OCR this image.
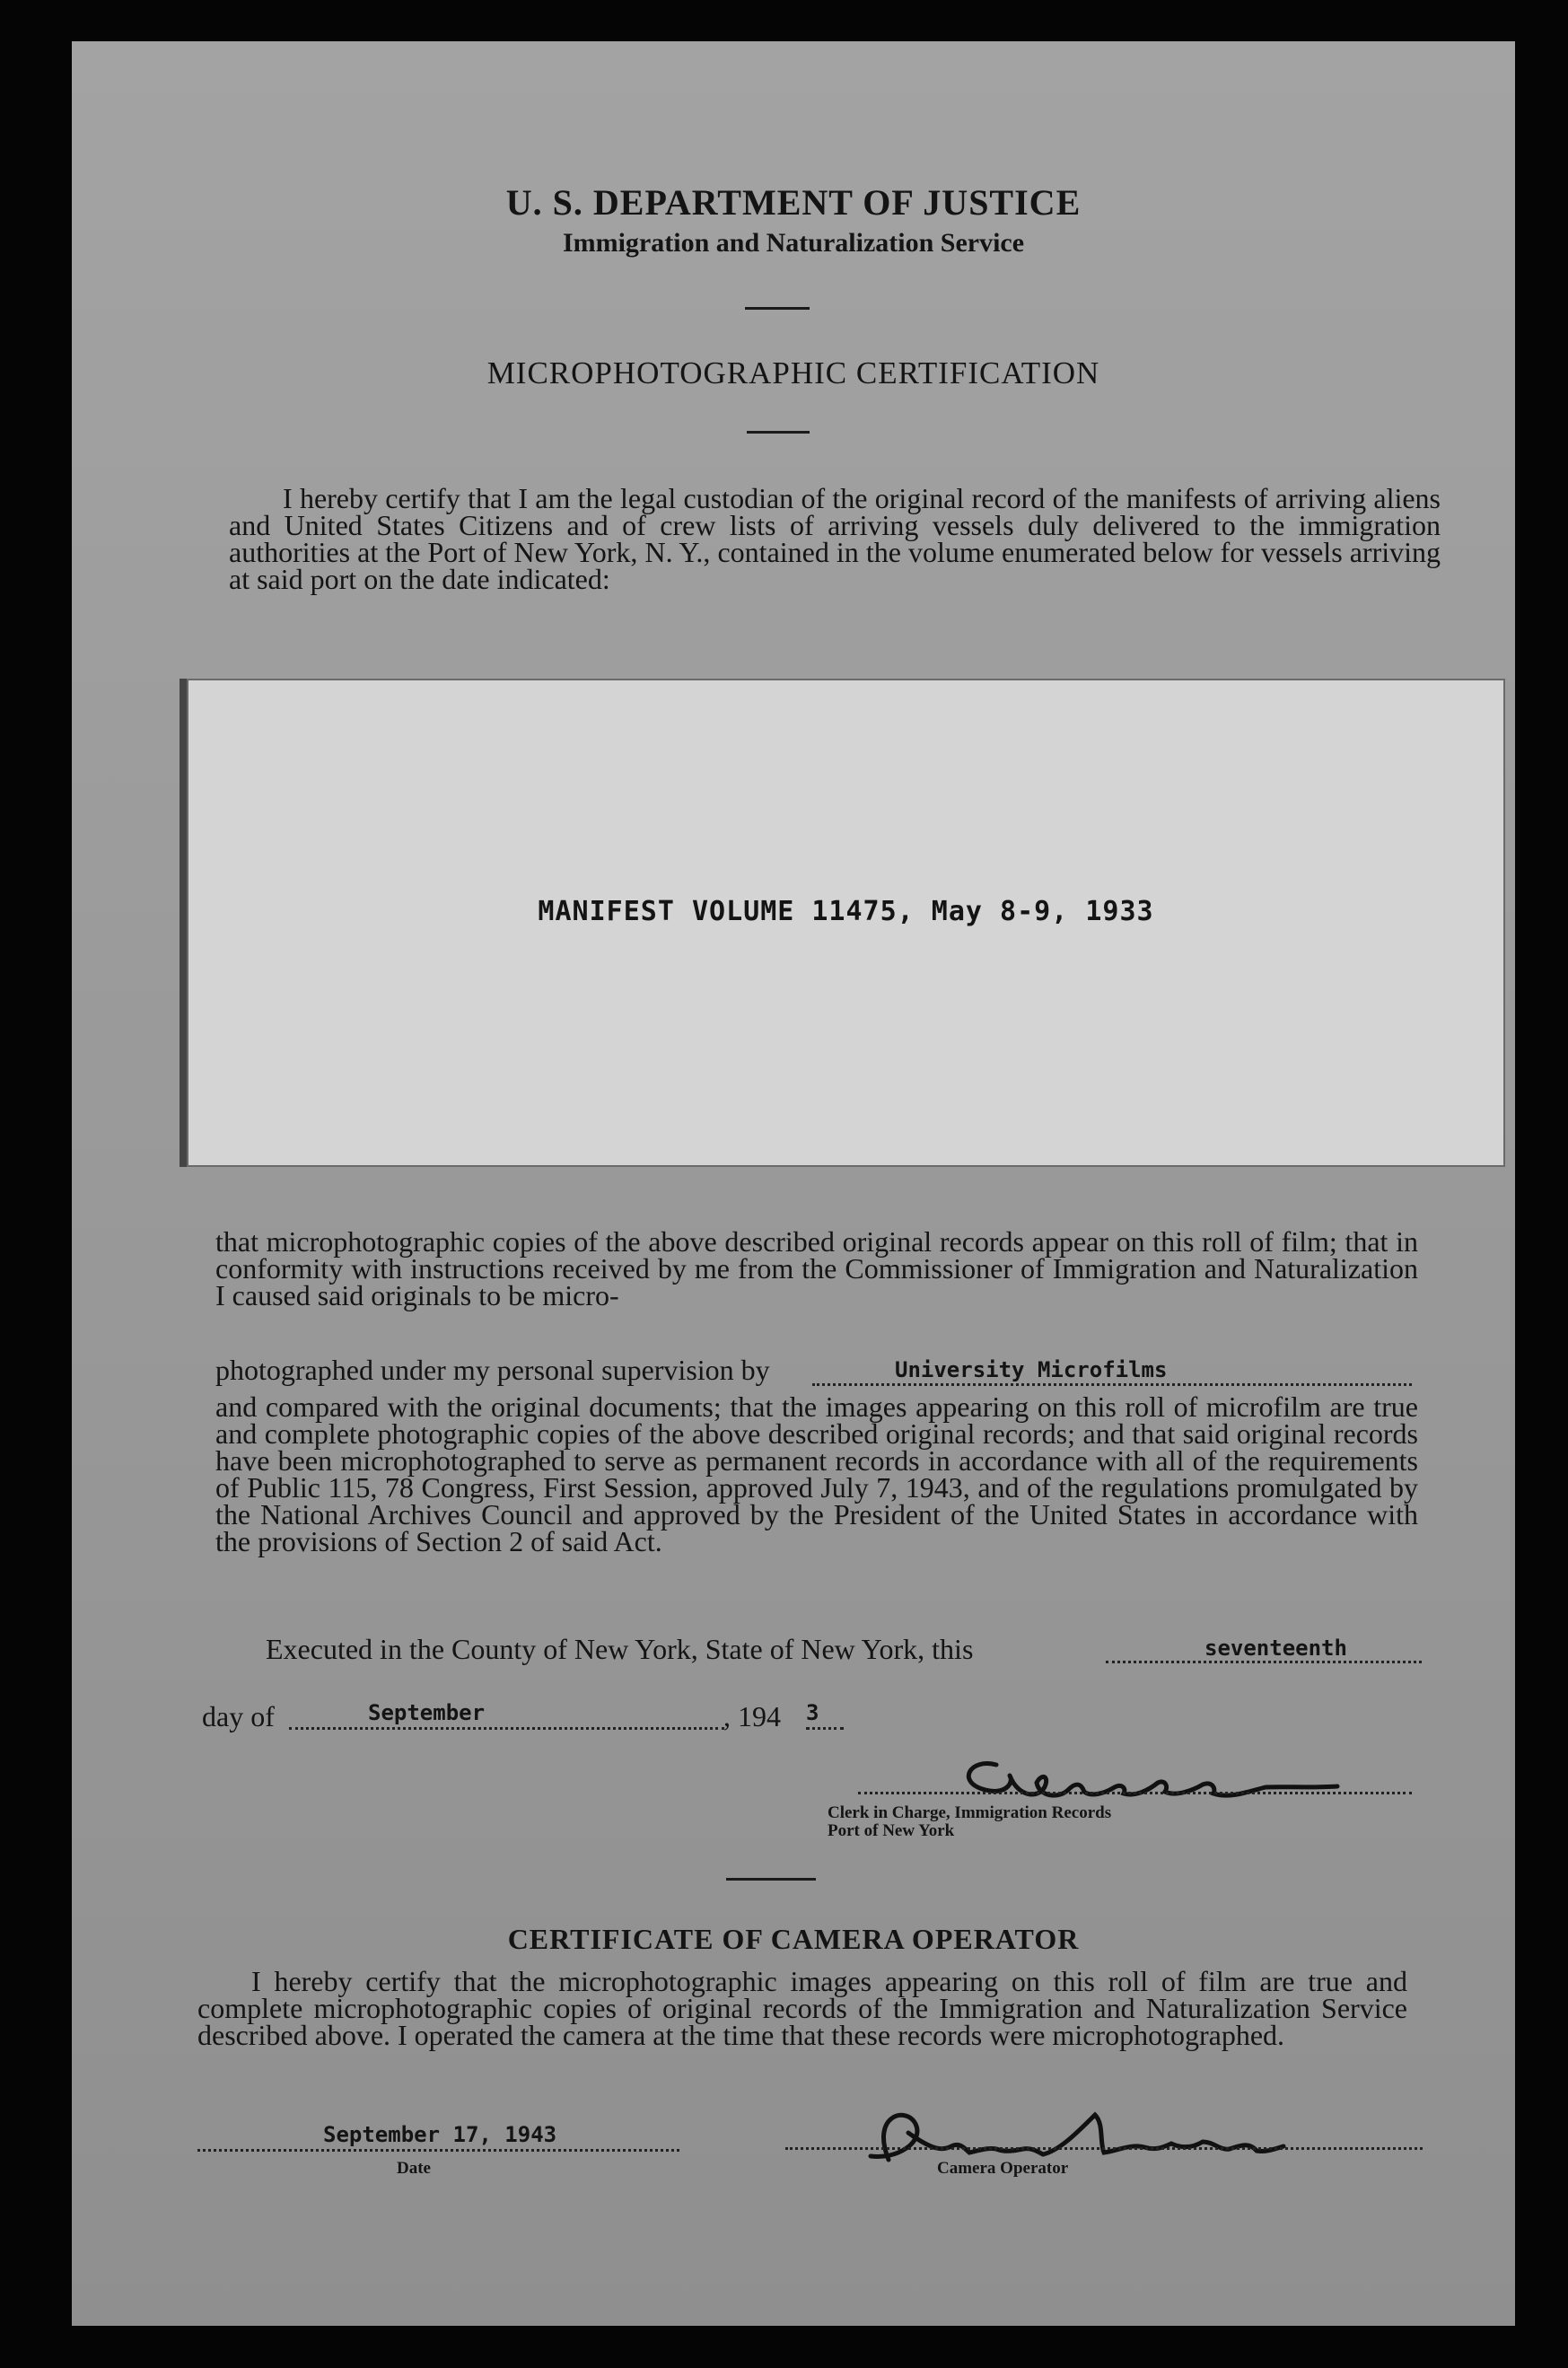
U. S. DEPARTMENT OF JUSTICE
Immigration and Naturalization Service
MICROPHOTOGRAPHIC CERTIFICATION
I hereby certify that I am the legal custodian of the original record of the manifests of arriving aliens and United States Citizens and of crew lists of arriving vessels duly delivered to the immigration authorities at the Port of New York, N. Y., contained in the volume enumerated below for vessels arriving at said port on the date indicated:
MANIFEST VOLUME 11475, May 8-9, 1933
that microphotographic copies of the above described original records appear on this roll of film; that in conformity with instructions received by me from the Commissioner of Immigration and Naturalization I caused said originals to be micro-
photographed under my personal supervision by	University Microfilms
and compared with the original documents; that the images appearing on this roll of microfilm are true and complete photographic copies of the above described original records; and that said original records have been microphotographed to serve as permanent records in accordance with all of the requirements of Public 115, 78 Congress, First Session, approved July 7, 1943, and of the regulations promulgated by the National Archives Council and approved by the President of the United States in accordance with the provisions of Section 2 of said Act.
Executed in the County of New York, State of New York, this	seventeenth
day of	September	, 194 3
Clerk in Charge, Immigration Records
Port of New York
CERTIFICATE OF CAMERA OPERATOR
I hereby certify that the microphotographic images appearing on this roll of film are true and complete microphotographic copies of original records of the Immigration and Naturalization Service described above. I operated the camera at the time that these records were microphotographed.
September 17, 1943
Date	Camera Operator
